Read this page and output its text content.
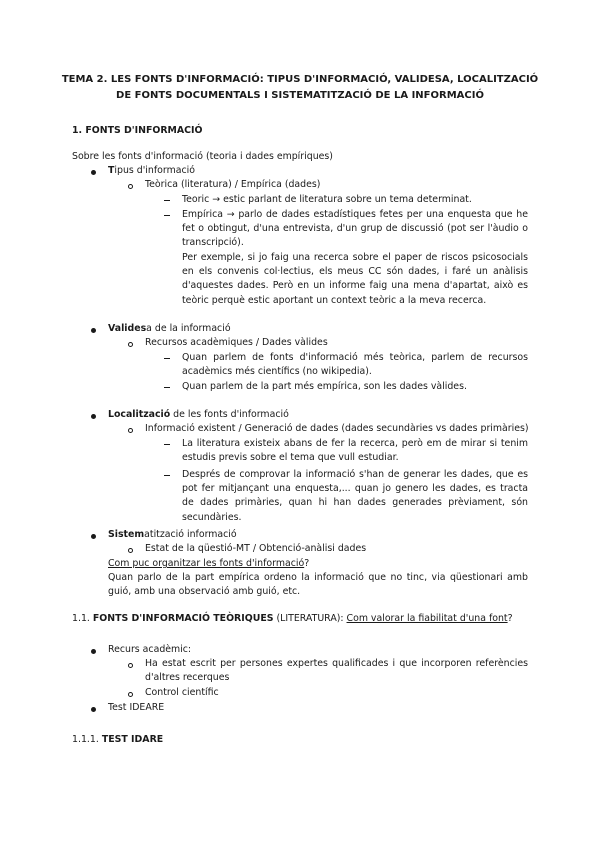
TEMA 2. LES FONTS D'INFORMACIÓ: TIPUS D'INFORMACIÓ, VALIDESA, LOCALITZACIÓ DE FONTS DOCUMENTALS I SISTEMATITZACIÓ DE LA INFORMACIÓ
1. FONTS D'INFORMACIÓ
Sobre les fonts d'informació (teoria i dades empíriques)
Tipus d'informació
Teòrica (literatura) / Empírica (dades)
Teoric → estic parlant de literatura sobre un tema determinat.
Empírica → parlo de dades estadístiques fetes per una enquesta que he fet o obtingut, d'una entrevista, d'un grup de discussió (pot ser l'àudio o transcripció).
Per exemple, si jo faig una recerca sobre el paper de riscos psicosocials en els convenis col·lectius, els meus CC són dades, i faré un anàlisis d'aquestes dades. Però en un informe faig una mena d'apartat, això es teòric perquè estic aportant un context teòric a la meva recerca.
Validesa de la informació
Recursos acadèmiques / Dades vàlides
Quan parlem de fonts d'informació més teòrica, parlem de recursos acadèmics més científics (no wikipedia).
Quan parlem de la part més empírica, son les dades vàlides.
Localització de les fonts d'informació
Informació existent / Generació de dades (dades secundàries vs dades primàries)
La literatura existeix abans de fer la recerca, però em de mirar si tenim estudis previs sobre el tema que vull estudiar.
Després de comprovar la informació s'han de generar les dades, que es pot fer mitjançant una enquesta,... quan jo genero les dades, es tracta de dades primàries, quan hi han dades generades prèviament, són secundàries.
Sistematització informació
Estat de la qüestió-MT / Obtenció-anàlisi dades
Com puc organitzar les fonts d'informació?
Quan parlo de la part empírica ordeno la informació que no tinc, via qüestionari amb guió, amb una observació amb guió, etc.
1.1. FONTS D'INFORMACIÓ TEÒRIQUES (LITERATURA): Com valorar la fiabilitat d'una font?
Recurs acadèmic:
Ha estat escrit per persones expertes qualificades i que incorporen referències d'altres recerques
Control científic
Test IDEARE
1.1.1. TEST IDARE
